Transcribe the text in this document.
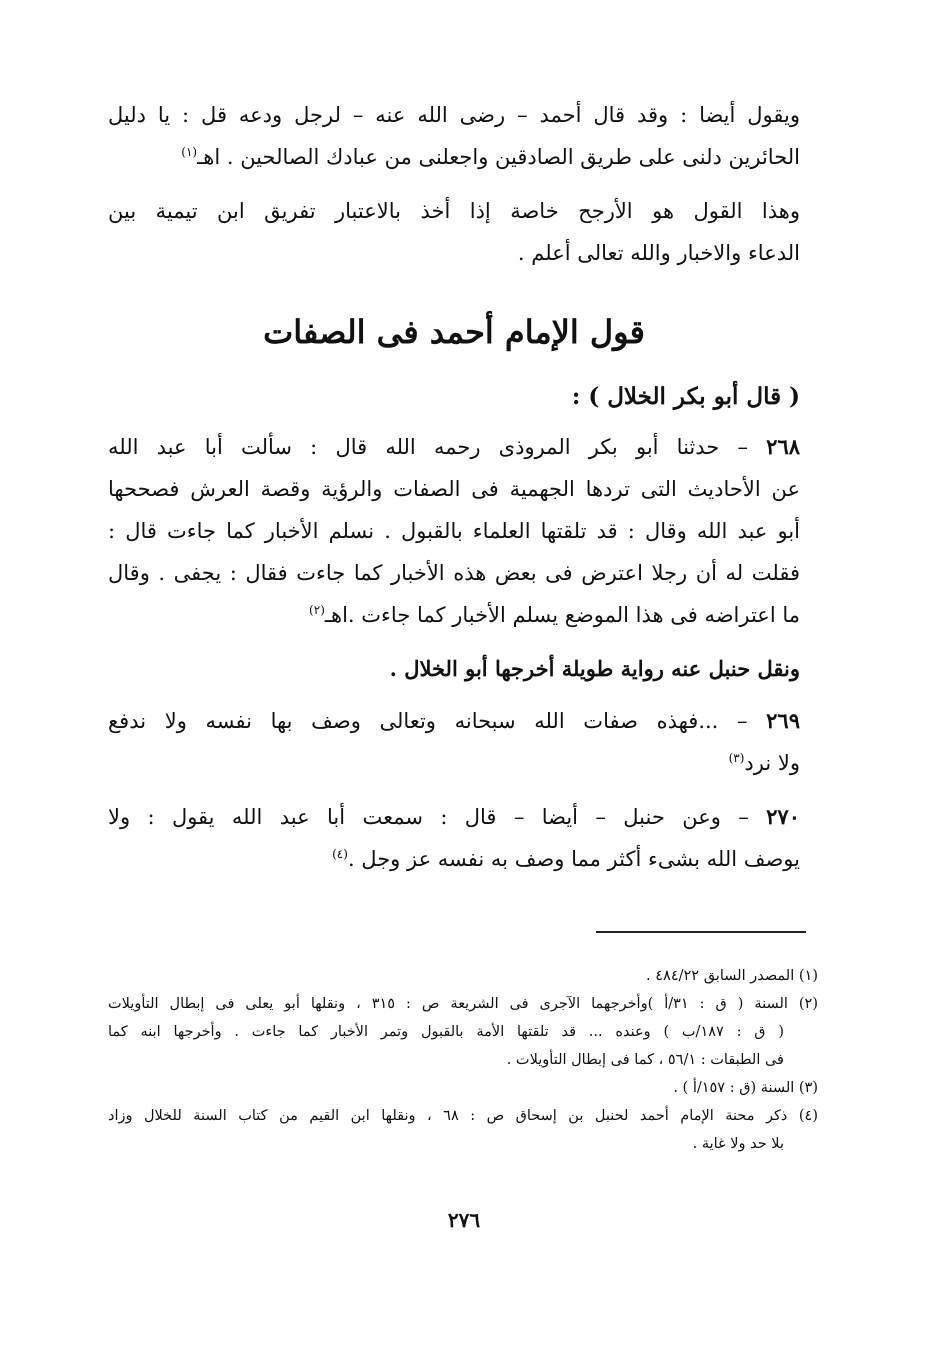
ويقول أيضا : وقد قال أحمد – رضى الله عنه – لرجل ودعه قل : يا دليل
الحائرين دلنى على طريق الصادقين واجعلنى من عبادك الصالحين . اهـ$^{(١)}$
وهذا القول هو الأرجح خاصة إذا أخذ بالاعتبار تفريق ابن تيمية بين
الدعاء والاخبار والله تعالى أعلم .
قول الإمام أحمد فى الصفات
( قال أبو بكر الخلال ) :
٢٦٨ – حدثنا أبو بكر المروذى رحمه الله قال : سألت أبا عبد الله
عن الأحاديث التى تردها الجهمية فى الصفات والرؤية وقصة العرش فصححها
أبو عبد الله وقال : قد تلقتها العلماء بالقبول . نسلم الأخبار كما جاءت قال :
فقلت له أن رجلا اعترض فى بعض هذه الأخبار كما جاءت فقال : يجفى . وقال
ما اعتراضه فى هذا الموضع يسلم الأخبار كما جاءت .اهـ$^{(٢)}$
ونقل حنبل عنه رواية طويلة أخرجها أبو الخلال .
٢٦٩ – ...فهذه صفات الله سبحانه وتعالى وصف بها نفسه ولا ندفع
ولا نرد$^{(٣)}$
٢٧٠ – وعن حنبل – أيضا – قال : سمعت أبا عبد الله يقول : ولا
يوصف الله بشىء أكثر مما وصف به نفسه عز وجل .$^{(٤)}$
(١) المصدر السابق ٤٨٤/٢٢ .
(٢) السنة ( ق : ٣١/أ )وأخرجهما الآجرى فى الشريعة ص : ٣١٥ ، ونقلها أبو يعلى فى إبطال التأويلات
( ق : ١٨٧/ب ) وعنده ... قد تلقتها الأمة بالقبول وتمر الأخبار كما جاءت . وأخرجها ابنه كما
فى الطبقات : ٥٦/١ ، كما فى إبطال التأويلات .
(٣) السنة (ق : ١٥٧/أ ) .
(٤) ذكر محنة الإمام أحمد لحنبل بن إسحاق ص : ٦٨ ، ونقلها ابن القيم من كتاب السنة للخلال وزاد
بلا حد ولا غاية .
٢٧٦
